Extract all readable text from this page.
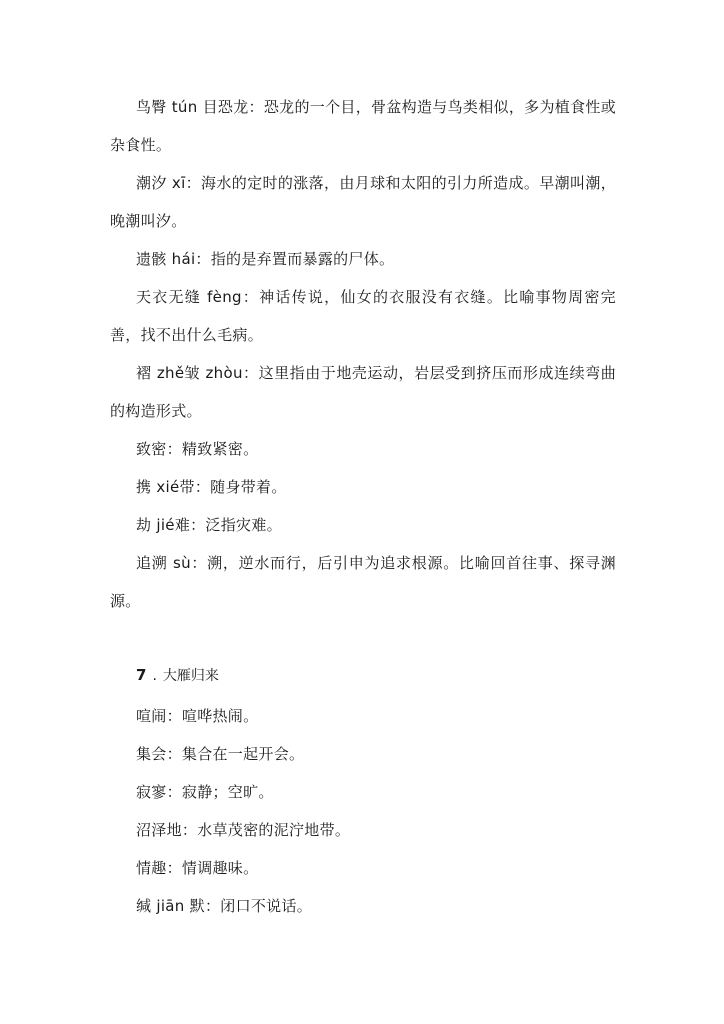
鸟臀 tún 目恐龙：恐龙的一个目，骨盆构造与鸟类相似，多为植食性或杂食性。

潮汐 xī：海水的定时的涨落，由月球和太阳的引力所造成。早潮叫潮，晚潮叫汐。

遗骸 hái：指的是弃置而暴露的尸体。

天衣无缝 fèng：神话传说，仙女的衣服没有衣缝。比喻事物周密完善，找不出什么毛病。

褶 zhě皱 zhòu：这里指由于地壳运动，岩层受到挤压而形成连续弯曲的构造形式。

致密：精致紧密。

携 xié带：随身带着。

劫 jié难：泛指灾难。

追溯 sù：溯，逆水而行，后引申为追求根源。比喻回首往事、探寻渊源。

7 . 大雁归来

喧闹：喧哗热闹。

集会：集合在一起开会。

寂寥：寂静；空旷。

沼泽地：水草茂密的泥泞地带。

情趣：情调趣味。

缄 jiān 默：闭口不说话。
